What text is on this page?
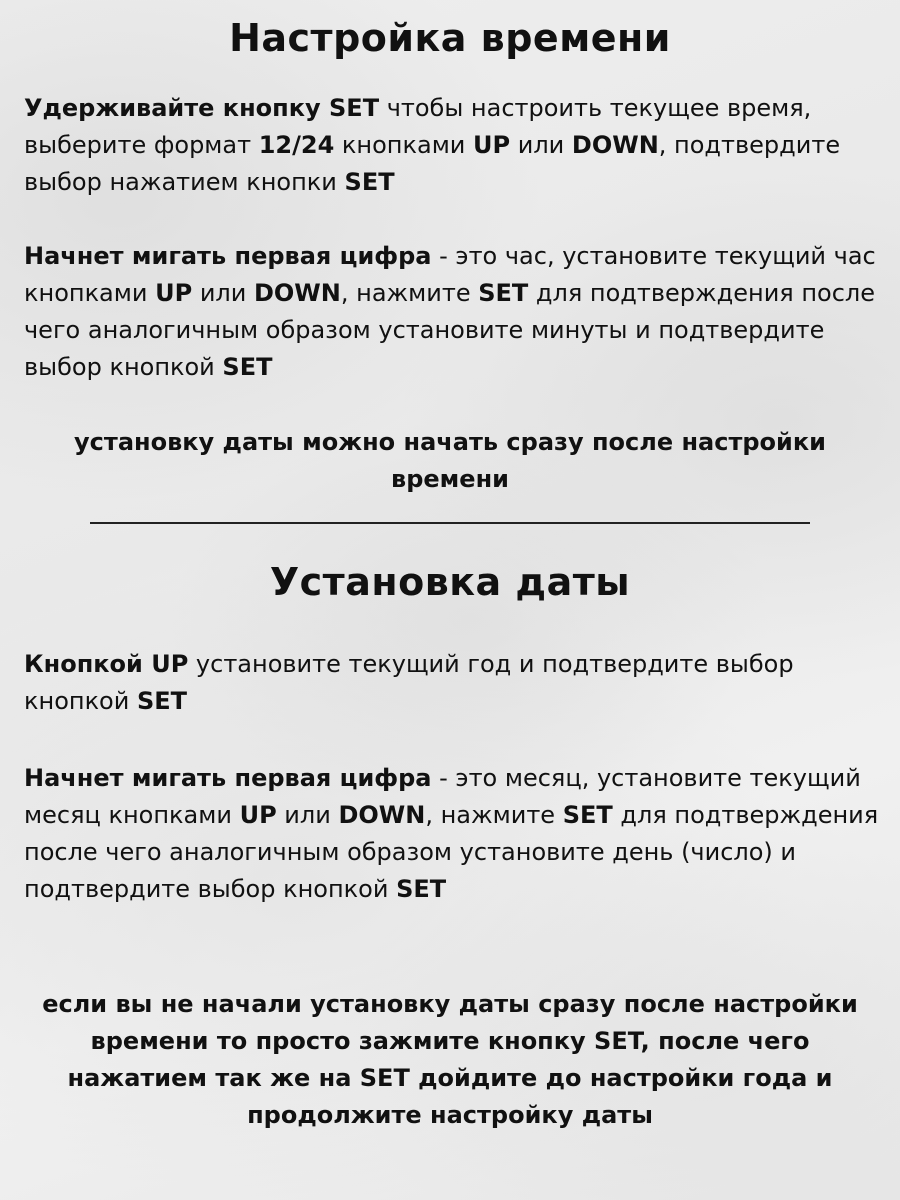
Настройка времени

Удерживайте кнопку SET чтобы настроить текущее время, выберите формат 12/24 кнопками UP или DOWN, подтвердите выбор нажатием кнопки SET

Начнет мигать первая цифра - это час, установите текущий час кнопками UP или DOWN, нажмите SET для подтверждения после чего аналогичным образом установите минуты и подтвердите выбор кнопкой SET

установку даты можно начать сразу после настройки времени

Установка даты

Кнопкой UP установите текущий год и подтвердите выбор кнопкой SET

Начнет мигать первая цифра - это месяц, установите текущий месяц кнопками UP или DOWN, нажмите SET для подтверждения после чего аналогичным образом установите день (число) и подтвердите выбор кнопкой SET

если вы не начали установку даты сразу после настройки времени то просто зажмите кнопку SET, после чего нажатием так же на SET дойдите до настройки года и продолжите настройку даты
